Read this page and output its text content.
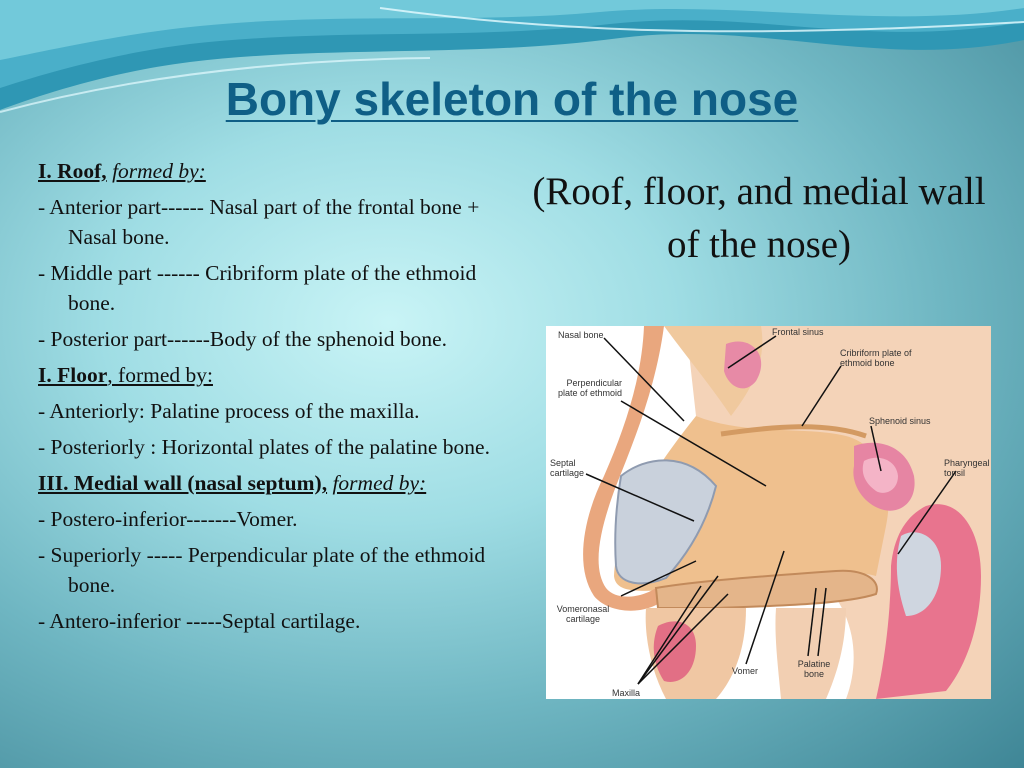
Bony skeleton of the nose

I. Roof, formed by:

- Anterior part------ Nasal part of the frontal bone + Nasal bone.

- Middle part ------ Cribriform plate of the ethmoid bone.

- Posterior part------Body of the sphenoid bone.

I. Floor, formed by:

- Anteriorly: Palatine process of the maxilla.

- Posteriorly : Horizontal plates of the palatine bone.

III. Medial wall (nasal septum), formed by:

- Postero-inferior-------Vomer.

- Superiorly ----- Perpendicular plate of the ethmoid bone.

- Antero-inferior -----Septal cartilage.

(Roof, floor, and medial wall of the nose)
Nasal bone	Frontal sinus
Cribriform plate of ethmoid bone
Perpendicular plate of ethmoid
Sphenoid sinus
Septal cartilage
Pharyngeal tonsil
Vomeronasal cartilage
Vomer
Palatine bone
Maxilla
